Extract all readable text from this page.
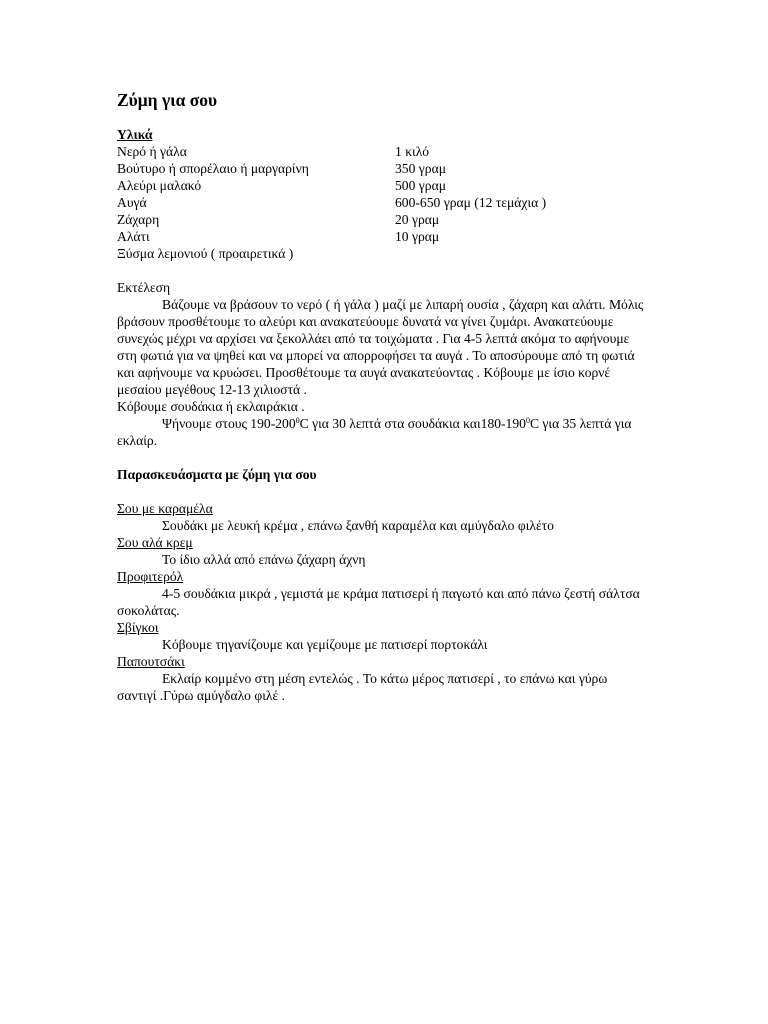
Ζύμη για σου
Υλικά
Νερό ή γάλα	1 κιλό
Βούτυρο ή σπορέλαιο ή μαργαρίνη	350 γραμ
Αλεύρι μαλακό	500 γραμ
Αυγά	600-650 γραμ (12 τεμάχια )
Ζάχαρη	20 γραμ
Αλάτι	10 γραμ
Ξύσμα λεμονιού ( προαιρετικά )
Εκτέλεση

Βάζουμε να βράσουν το νερό ( ή γάλα ) μαζί με λιπαρή ουσία , ζάχαρη και αλάτι. Μόλις βράσουν προσθέτουμε το αλεύρι και ανακατεύουμε δυνατά να γίνει ζυμάρι. Ανακατεύουμε συνεχώς μέχρι να αρχίσει να ξεκολλάει από τα τοιχώματα . Για 4-5 λεπτά ακόμα το αφήνουμε στη φωτιά για να ψηθεί και να μπορεί να απορροφήσει τα αυγά . Το αποσύρουμε από τη φωτιά και αφήνουμε να κρυώσει. Προσθέτουμε τα αυγά ανακατεύοντας . Κόβουμε με ίσιο κορνέ μεσαίου μεγέθους 12-13 χιλιοστά .

Κόβουμε σουδάκια ή εκλαιράκια .

Ψήνουμε στους $190-200^0C$ για 30 λεπτά στα σουδάκια $\kappa\alpha\iota 180-190^0C$ για 35 λεπτά για εκλαίρ.

Παρασκευάσματα με ζύμη για σου
Σου με καραμέλα
Σουδάκι με λευκή κρέμα , επάνω ξανθή καραμέλα και αμύγδαλο φιλέτο
Σου αλά κρεμ
Το ίδιο αλλά από επάνω ζάχαρη άχνη
Προφιτερόλ

4-5 σουδάκια μικρά , γεμιστά με κράμα πατισερί ή παγωτό και από πάνω ζεστή σάλτσα σοκολάτας.

Σβίγκοι
Κόβουμε τηγανίζουμε και γεμίζουμε με πατισερί πορτοκάλι
Παπουτσάκι

Εκλαίρ κομμένο στη μέση εντελώς . Το κάτω μέρος πατισερί , το επάνω και γύρω σαντιγί .Γύρω αμύγδαλο φιλέ .
